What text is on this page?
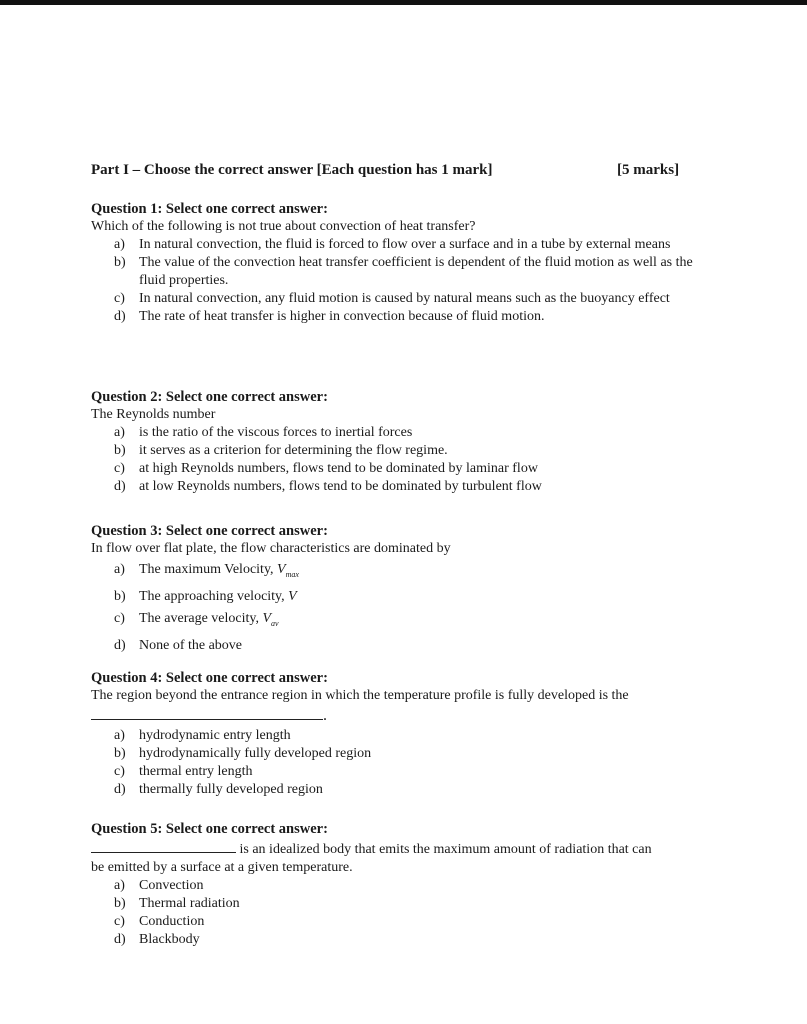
Part I – Choose the correct answer [Each question has 1 mark]	[5 marks]
Question 1: Select one correct answer:
Which of the following is not true about convection of heat transfer?
a) In natural convection, the fluid is forced to flow over a surface and in a tube by external means
b) The value of the convection heat transfer coefficient is dependent of the fluid motion as well as the fluid properties.
c) In natural convection, any fluid motion is caused by natural means such as the buoyancy effect
d) The rate of heat transfer is higher in convection because of fluid motion.
Question 2: Select one correct answer:
The Reynolds number
a) is the ratio of the viscous forces to inertial forces
b) it serves as a criterion for determining the flow regime.
c) at high Reynolds numbers, flows tend to be dominated by laminar flow
d) at low Reynolds numbers, flows tend to be dominated by turbulent flow
Question 3: Select one correct answer:
In flow over flat plate, the flow characteristics are dominated by
a) The maximum Velocity, $V_{max}$
b) The approaching velocity, V
c) The average velocity, $V_{av}$
d) None of the above
Question 4: Select one correct answer:
The region beyond the entrance region in which the temperature profile is fully developed is the
.
a) hydrodynamic entry length
b) hydrodynamically fully developed region
c) thermal entry length
d) thermally fully developed region
Question 5: Select one correct answer:
is an idealized body that emits the maximum amount of radiation that can
be emitted by a surface at a given temperature.
a) Convection
b) Thermal radiation
c) Conduction
d) Blackbody
